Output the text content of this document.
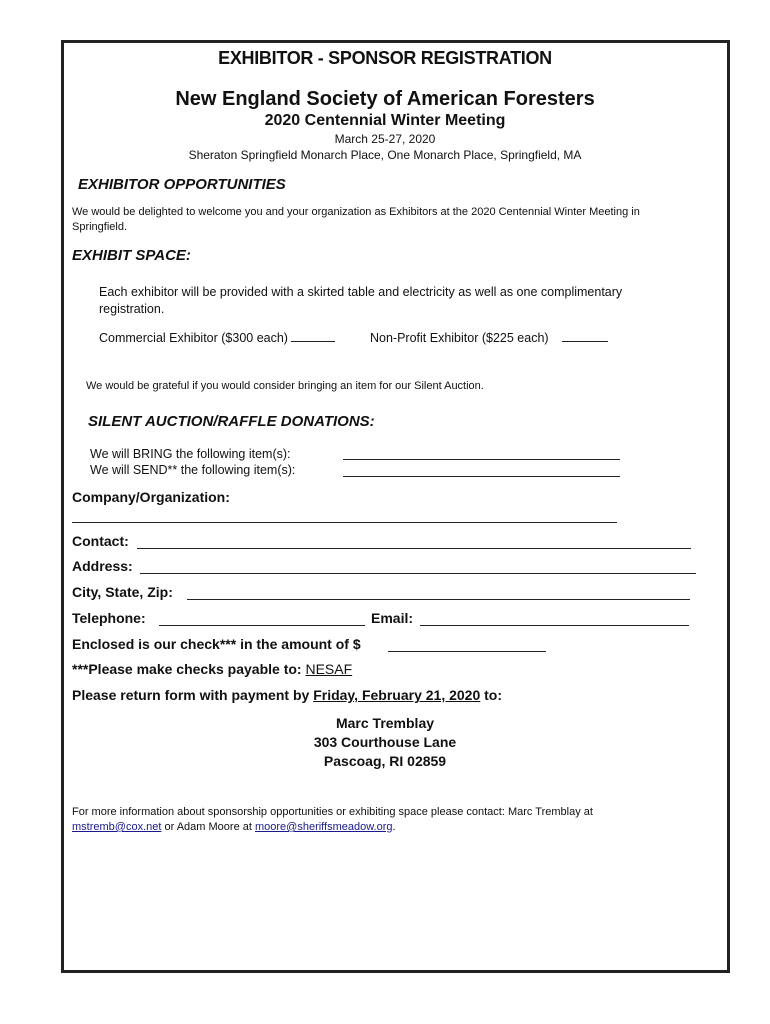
EXHIBITOR - SPONSOR REGISTRATION
New England Society of American Foresters
2020 Centennial Winter Meeting
March 25-27, 2020
Sheraton Springfield Monarch Place, One Monarch Place, Springfield, MA
EXHIBITOR OPPORTUNITIES
We would be delighted to welcome you and your organization as Exhibitors at the 2020 Centennial Winter Meeting in
Springfield.
EXHIBIT SPACE:
Each exhibitor will be provided with a skirted table and electricity as well as one complimentary
registration.
Commercial Exhibitor ($300 each)	Non-Profit Exhibitor ($225 each)
We would be grateful if you would consider bringing an item for our Silent Auction.
SILENT AUCTION/RAFFLE DONATIONS:
We will BRING the following item(s):
We will SEND** the following item(s):
Company/Organization:
Contact:
Address:
City, State, Zip:
Telephone:	Email:
Enclosed is our check*** in the amount of $
***Please make checks payable to: NESAF
Please return form with payment by Friday, February 21, 2020 to:
Marc Tremblay
303 Courthouse Lane
Pascoag, RI 02859
For more information about sponsorship opportunities or exhibiting space please contact: Marc Tremblay at
mstremb@cox.net or Adam Moore at moore@sheriffsmeadow.org.
